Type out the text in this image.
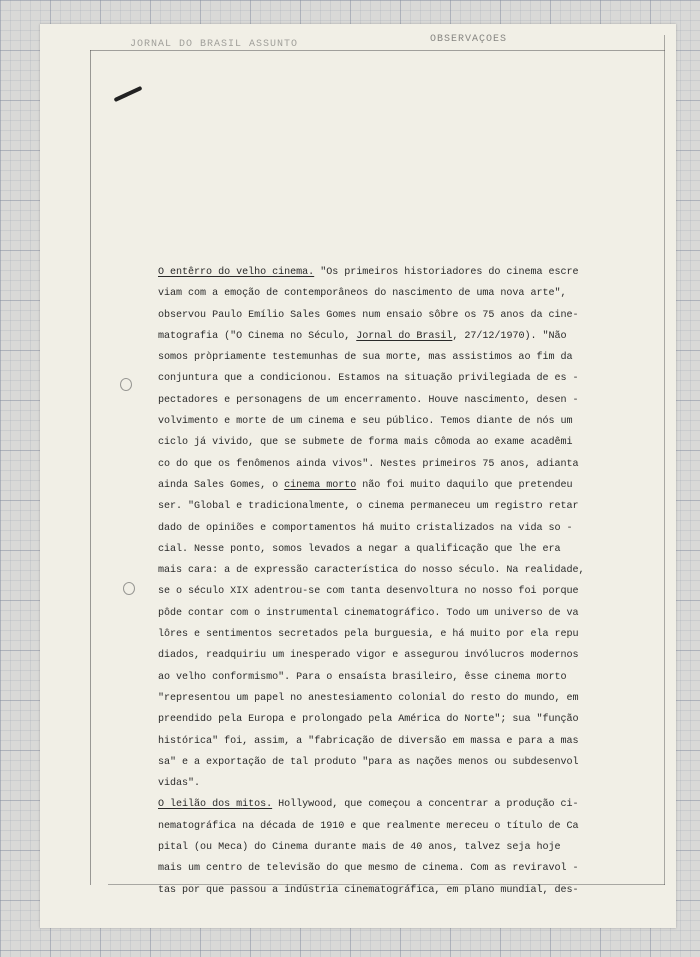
JORNAL DO BRASIL ASSUNTO	OBSERVAÇÕES
O entêrro do velho cinema. "Os primeiros historiadores do cinema escre
viam com a emoção de contemporâneos do nascimento de uma nova arte",
observou Paulo Emílio Sales Gomes num ensaio sôbre os 75 anos da cine-
matografia ("O Cinema no Século, Jornal do Brasil, 27/12/1970). "Não
somos pròpriamente testemunhas de sua morte, mas assistimos ao fim da
conjuntura que a condicionou. Estamos na situação privilegiada de es -
pectadores e personagens de um encerramento. Houve nascimento, desen -
volvimento e morte de um cinema e seu público. Temos diante de nós um
ciclo já vivido, que se submete de forma mais cômoda ao exame acadêmi
co do que os fenômenos ainda vivos". Nestes primeiros 75 anos, adianta
ainda Sales Gomes, o cinema morto não foi muito daquilo que pretendeu
ser. "Global e tradicionalmente, o cinema permaneceu um registro retar
dado de opiniões e comportamentos há muito cristalizados na vida so -
cial. Nesse ponto, somos levados a negar a qualificação que lhe era
mais cara: a de expressão característica do nosso século. Na realidade,
se o século XIX adentrou-se com tanta desenvoltura no nosso foi porque
pôde contar com o instrumental cinematográfico. Todo um universo de va
lôres e sentimentos secretados pela burguesia, e há muito por ela repu
diados, readquiriu um inesperado vigor e assegurou invólucros modernos
ao velho conformismo". Para o ensaísta brasileiro, êsse cinema morto
"representou um papel no anestesiamento colonial do resto do mundo, em
preendido pela Europa e prolongado pela América do Norte"; sua "função
histórica" foi, assim, a "fabricação de diversão em massa e para a mas
sa" e a exportação de tal produto "para as nações menos ou subdesenvol
vidas".
O leilão dos mitos. Hollywood, que começou a concentrar a produção ci-
nematográfica na década de 1910 e que realmente mereceu o título de Ca
pital (ou Meca) do Cinema durante mais de 40 anos, talvez seja hoje
mais um centro de televisão do que mesmo de cinema. Com as reviravol -
tas por que passou a indústria cinematográfica, em plano mundial, des-
